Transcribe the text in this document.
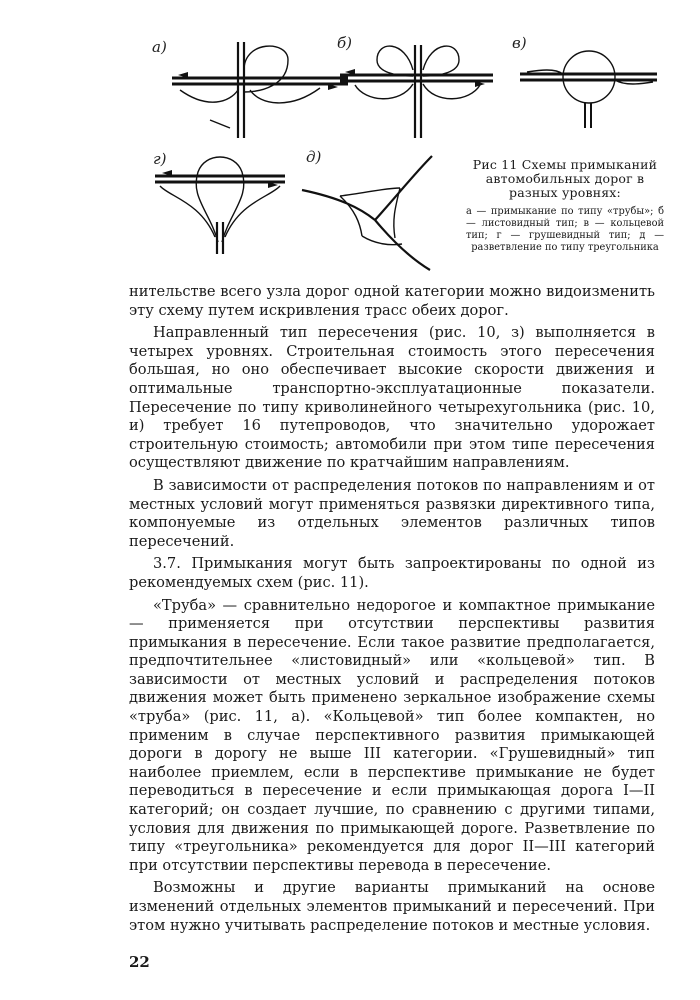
а)	б)	в)
г)	д)	Рис 11 Схемы примыканий автомобильных дорог в разных уровнях:
а — примыкание по типу «трубы»; б — листовидный тип; в — кольцевой тип; г — грушевидный тип; д — разветвление по типу треугольника

нительстве всего узла дорог одной категории можно видоизменить эту схему путем искривления трасс обеих дорог.

Направленный тип пересечения (рис. 10, з) выполняется в четырех уровнях. Строительная стоимость этого пересечения большая, но оно обеспечивает высокие скорости движения и оптимальные транспортно-эксплуатационные показатели. Пересечение по типу криволинейного четырехугольника (рис. 10, и) требует 16 путепроводов, что значительно удорожает строительную стоимость; автомобили при этом типе пересечения осуществляют движение по кратчайшим направлениям.

В зависимости от распределения потоков по направлениям и от местных условий могут применяться развязки директивного типа, компонуемые из отдельных элементов различных типов пересечений.

3.7. Примыкания могут быть запроектированы по одной из рекомендуемых схем (рис. 11).

«Труба» — сравнительно недорогое и компактное примыкание — применяется при отсутствии перспективы развития примыкания в пересечение. Если такое развитие предполагается, предпочтительнее «листовидный» или «кольцевой» тип. В зависимости от местных условий и распределения потоков движения может быть применено зеркальное изображение схемы «труба» (рис. 11, а). «Кольцевой» тип более компактен, но применим в случае перспективного развития примыкающей дороги в дорогу не выше III категории. «Грушевидный» тип наиболее приемлем, если в перспективе примыкание не будет переводиться в пересечение и если примыкающая дорога I—II категорий; он создает лучшие, по сравнению с другими типами, условия для движения по примыкающей дороге. Разветвление по типу «треугольника» рекомендуется для дорог II—III категорий при отсутствии перспективы перевода в пересечение.

Возможны и другие варианты примыканий на основе изменений отдельных элементов примыканий и пересечений. При этом нужно учитывать распределение потоков и местные условия.

22
